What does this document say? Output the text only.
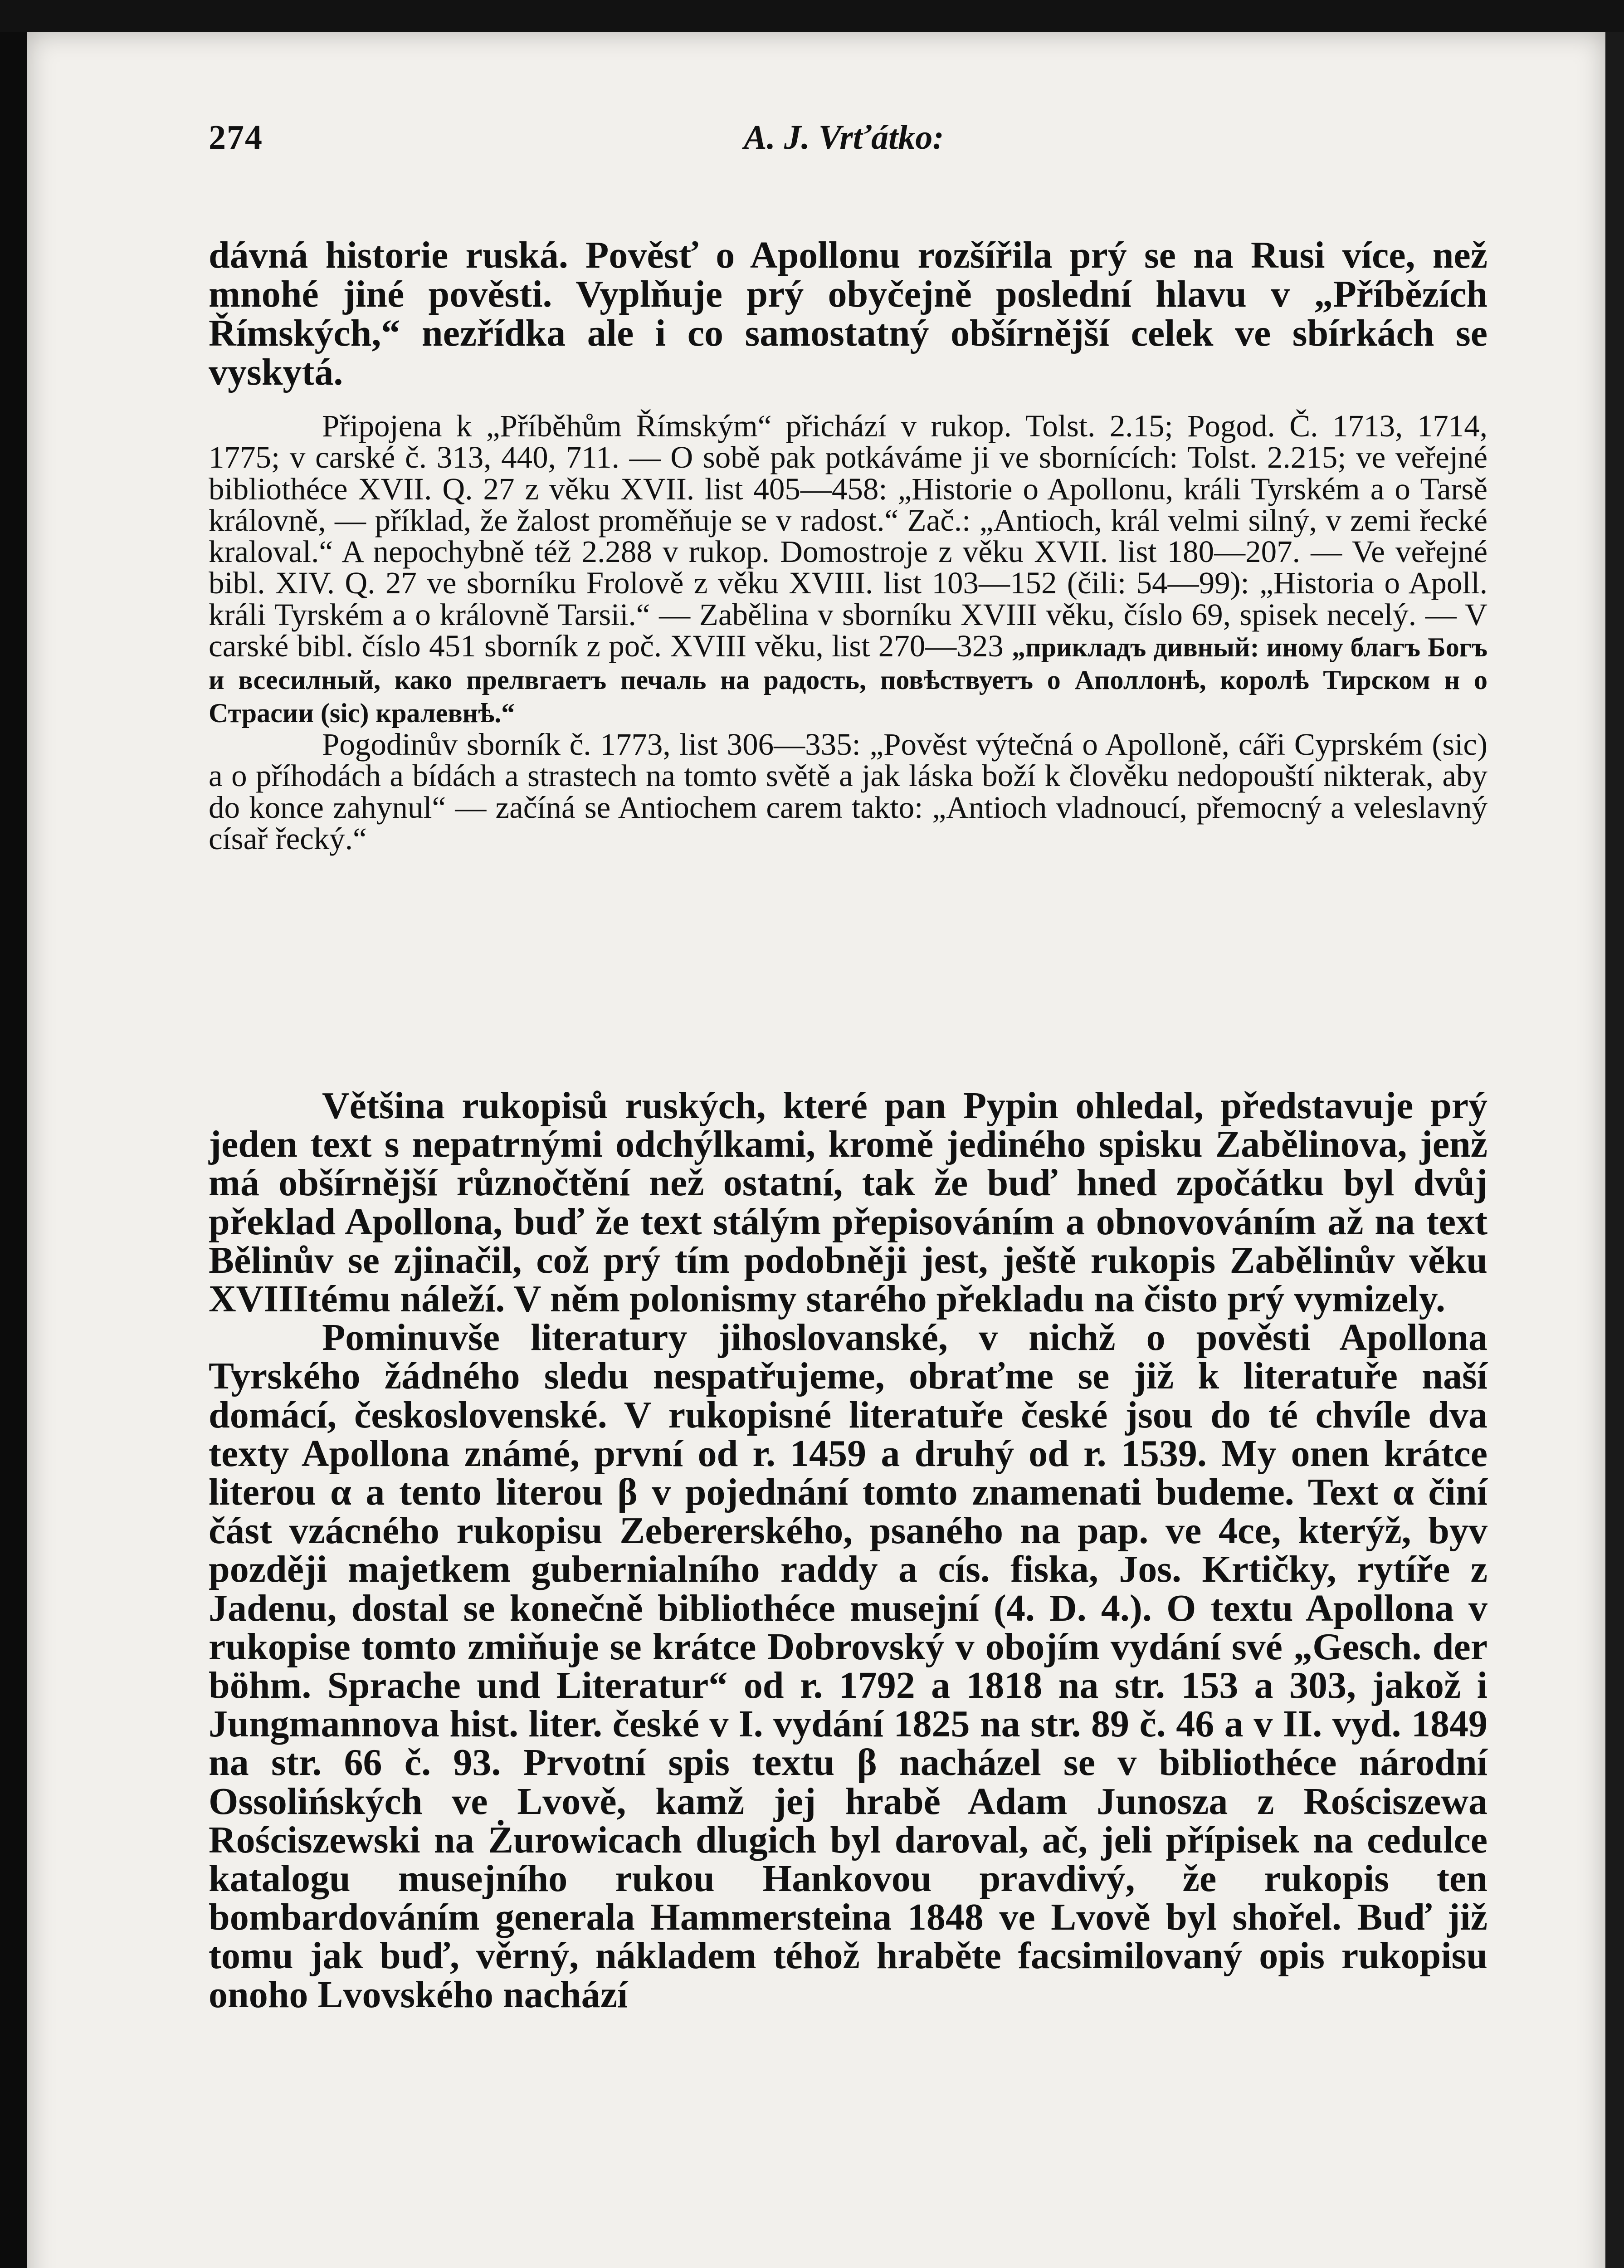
274	A. J. Vrťátko:

dávná historie ruská. Pověsť o Apollonu rozšířila prý se na Rusi více, než mnohé jiné pověsti. Vyplňuje prý obyčejně poslední hlavu v „Příbězích Římských,“ nezřídka ale i co samostatný obšírnější celek ve sbírkách se vyskytá.

Připojena k „Příběhům Římským“ přichází v rukop. Tolst. 2.15; Pogod. Č. 1713, 1714, 1775; v carské č. 313, 440, 711. — O sobě pak potkáváme ji ve sbornících: Tolst. 2.215; ve veřejné bibliothéce XVII. Q. 27 z věku XVII. list 405—458: „Historie o Apollonu, králi Tyrském a o Tarsě královně, — příklad, že žalost proměňuje se v radost.“ Zač.: „Antioch, král velmi silný, v zemi řecké kraloval.“ A nepochybně též 2.288 v rukop. Domostroje z věku XVII. list 180—207. — Ve veřejné bibl. XIV. Q. 27 ve sborníku Frolově z věku XVIII. list 103—152 (čili: 54—99): „Historia o Apoll. králi Tyrském a o královně Tarsii.“ — Zabělina v sborníku XVIII věku, číslo 69, spisek necelý. — V carské bibl. číslo 451 sborník z poč. XVIII věku, list 270—323 „прикладъ дивный: иному благъ Богъ и всесилный, како прелвгаетъ печаль на радость, повѣствуетъ о Аполлонѣ, королѣ Тирском н о Страсии (sic) кралевнѣ.“

Pogodinův sborník č. 1773, list 306—335: „Pověst výtečná o Apolloně, cáři Cyprském (sic) a o příhodách a bídách a strastech na tomto světě a jak láska boží k člověku nedopouští nikterak, aby do konce zahynul“ — začíná se Antiochem carem takto: „Antioch vladnoucí, přemocný a veleslavný císař řecký.“

Většina rukopisů ruských, které pan Pypin ohledal, představuje prý jeden text s nepatrnými odchýlkami, kromě jediného spisku Zabělinova, jenž má obšírnější různočtění než ostatní, tak že buď hned zpočátku byl dvůj překlad Apollona, buď že text stálým přepisováním a obnovováním až na text Bělinův se zjinačil, což prý tím podobněji jest, ještě rukopis Zabělinův věku XVIIItému náleží. V něm polonismy starého překladu na čisto prý vymizely.

Pominuvše literatury jihoslovanské, v nichž o pověsti Apollona Tyrského žádného sledu nespatřujeme, obraťme se již k literatuře naší domácí, československé. V rukopisné literatuře české jsou do té chvíle dva texty Apollona známé, první od r. 1459 a druhý od r. 1539. My onen krátce literou α a tento literou β v pojednání tomto znamenati budeme. Text α činí část vzácného rukopisu Zebererského, psaného na pap. ve 4ce, kterýž, byv později majetkem gubernialního raddy a cís. fiska, Jos. Krtičky, rytíře z Jadenu, dostal se konečně bibliothéce musejní (4. D. 4.). O textu Apollona v rukopise tomto zmiňuje se krátce Dobrovský v obojím vydání své „Gesch. der böhm. Sprache und Literatur“ od r. 1792 a 1818 na str. 153 a 303, jakož i Jungmannova hist. liter. české v I. vydání 1825 na str. 89 č. 46 a v II. vyd. 1849 na str. 66 č. 93. Prvotní spis textu β nacházel se v bibliothéce národní Ossolińských ve Lvově, kamž jej hrabě Adam Junosza z Rościszewa Rościszewski na Żurowicach dlugich byl daroval, ač, jeli přípisek na cedulce katalogu musejního rukou Hankovou pravdivý, že rukopis ten bombardováním generala Hammersteina 1848 ve Lvově byl shořel. Buď již tomu jak buď, věrný, nákladem téhož hraběte facsimilovaný opis rukopisu onoho Lvovského nachází
